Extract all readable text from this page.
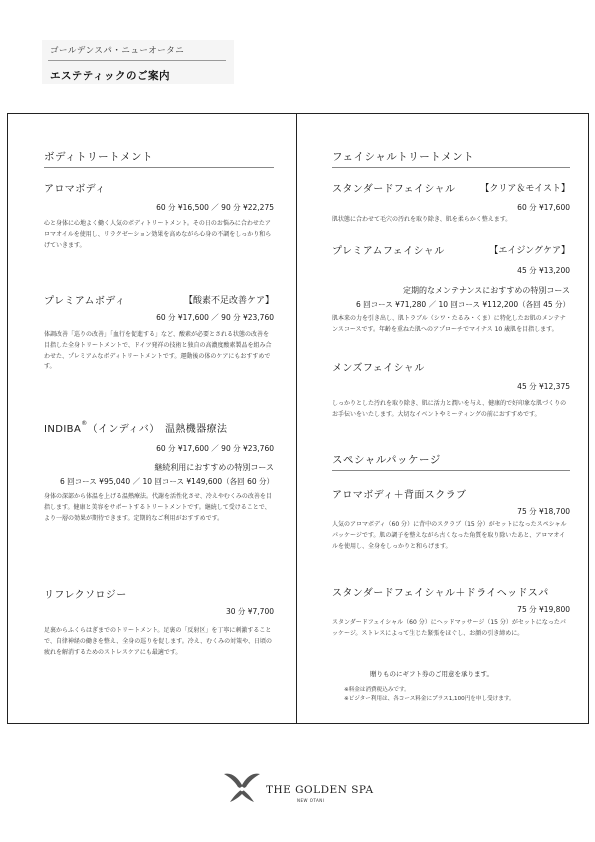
ゴールデンスパ・ニューオータニ
エステティックのご案内
ボディトリートメント
アロマボディ
60 分 ¥16,500 ／ 90 分 ¥22,275
心と身体に心地よく働く人気のボディトリートメント。その日のお悩みに合わせたアロマオイルを使用し、リラクゼーション効果を高めながら心身の不調をしっかり和らげていきます。
プレミアムボディ	【酸素不足改善ケア】
60 分 ¥17,600 ／ 90 分 ¥23,760
体調改善「巡りの改善」「血行を促進する」など、酸素が必要とされる状態の改善を目指した全身トリートメントで、ドイツ発祥の技術と独自の高濃度酸素製品を組み合わせた、プレミアムなボディトリートメントです。運動後の体のケアにもおすすめです。
INDIBA®（インディバ）　温熱機器療法
60 分 ¥17,600 ／ 90 分 ¥23,760
継続利用におすすめの特別コース
6 回コース ¥95,040 ／ 10 回コース ¥149,600（各回 60 分）
身体の深部から体温を上げる温熱療法。代謝を活性化させ、冷えやむくみの改善を目指します。健康と美容をサポートするトリートメントです。継続して受けることで、より一層の効果が期待できます。定期的なご利用がおすすめです。
リフレクソロジー
30 分 ¥7,700
足裏からふくらはぎまでのトリートメント。足裏の「反射区」を丁寧に刺激することで、自律神経の働きを整え、全身の巡りを促します。冷え、むくみの対策や、日頃の疲れを解消するためのストレスケアにも最適です。
フェイシャルトリートメント
スタンダードフェイシャル	【クリア＆モイスト】
60 分 ¥17,600
肌状態に合わせて毛穴の汚れを取り除き、肌を柔らかく整えます。
プレミアムフェイシャル	【エイジングケア】
45 分 ¥13,200
定期的なメンテナンスにおすすめの特別コース
6 回コース ¥71,280 ／ 10 回コース ¥112,200（各回 45 分）
肌本来の力を引き出し、肌トラブル（シワ・たるみ・くま）に特化したお肌のメンテナンスコースです。年齢を重ねた肌へのアプローチでマイナス 10 歳肌を目指します。
メンズフェイシャル
45 分 ¥12,375
しっかりとした汚れを取り除き、肌に活力と潤いを与え、健康的で好印象な肌づくりのお手伝いをいたします。大切なイベントやミーティングの前におすすめです。
スペシャルパッケージ
アロマボディ＋背面スクラブ
75 分 ¥18,700
人気のアロマボディ（60 分）に背中のスクラブ（15 分）がセットになったスペシャルパッケージです。肌の調子を整えながら古くなった角質を取り除いたあと、アロマオイルを使用し、全身をしっかりと和らげます。
スタンダードフェイシャル＋ドライヘッドスパ
75 分 ¥19,800
スタンダードフェイシャル（60 分）にヘッドマッサージ（15 分）がセットになったパッケージ。ストレスによって生じた緊張をほぐし、お顔の引き締めに。
贈りものにギフト券のご用意を承ります。
※料金は消費税込みです。
※ビジター利用は、各コース料金にプラス1,100円を申し受けます。
THE GOLDEN SPA
NEW OTANI
